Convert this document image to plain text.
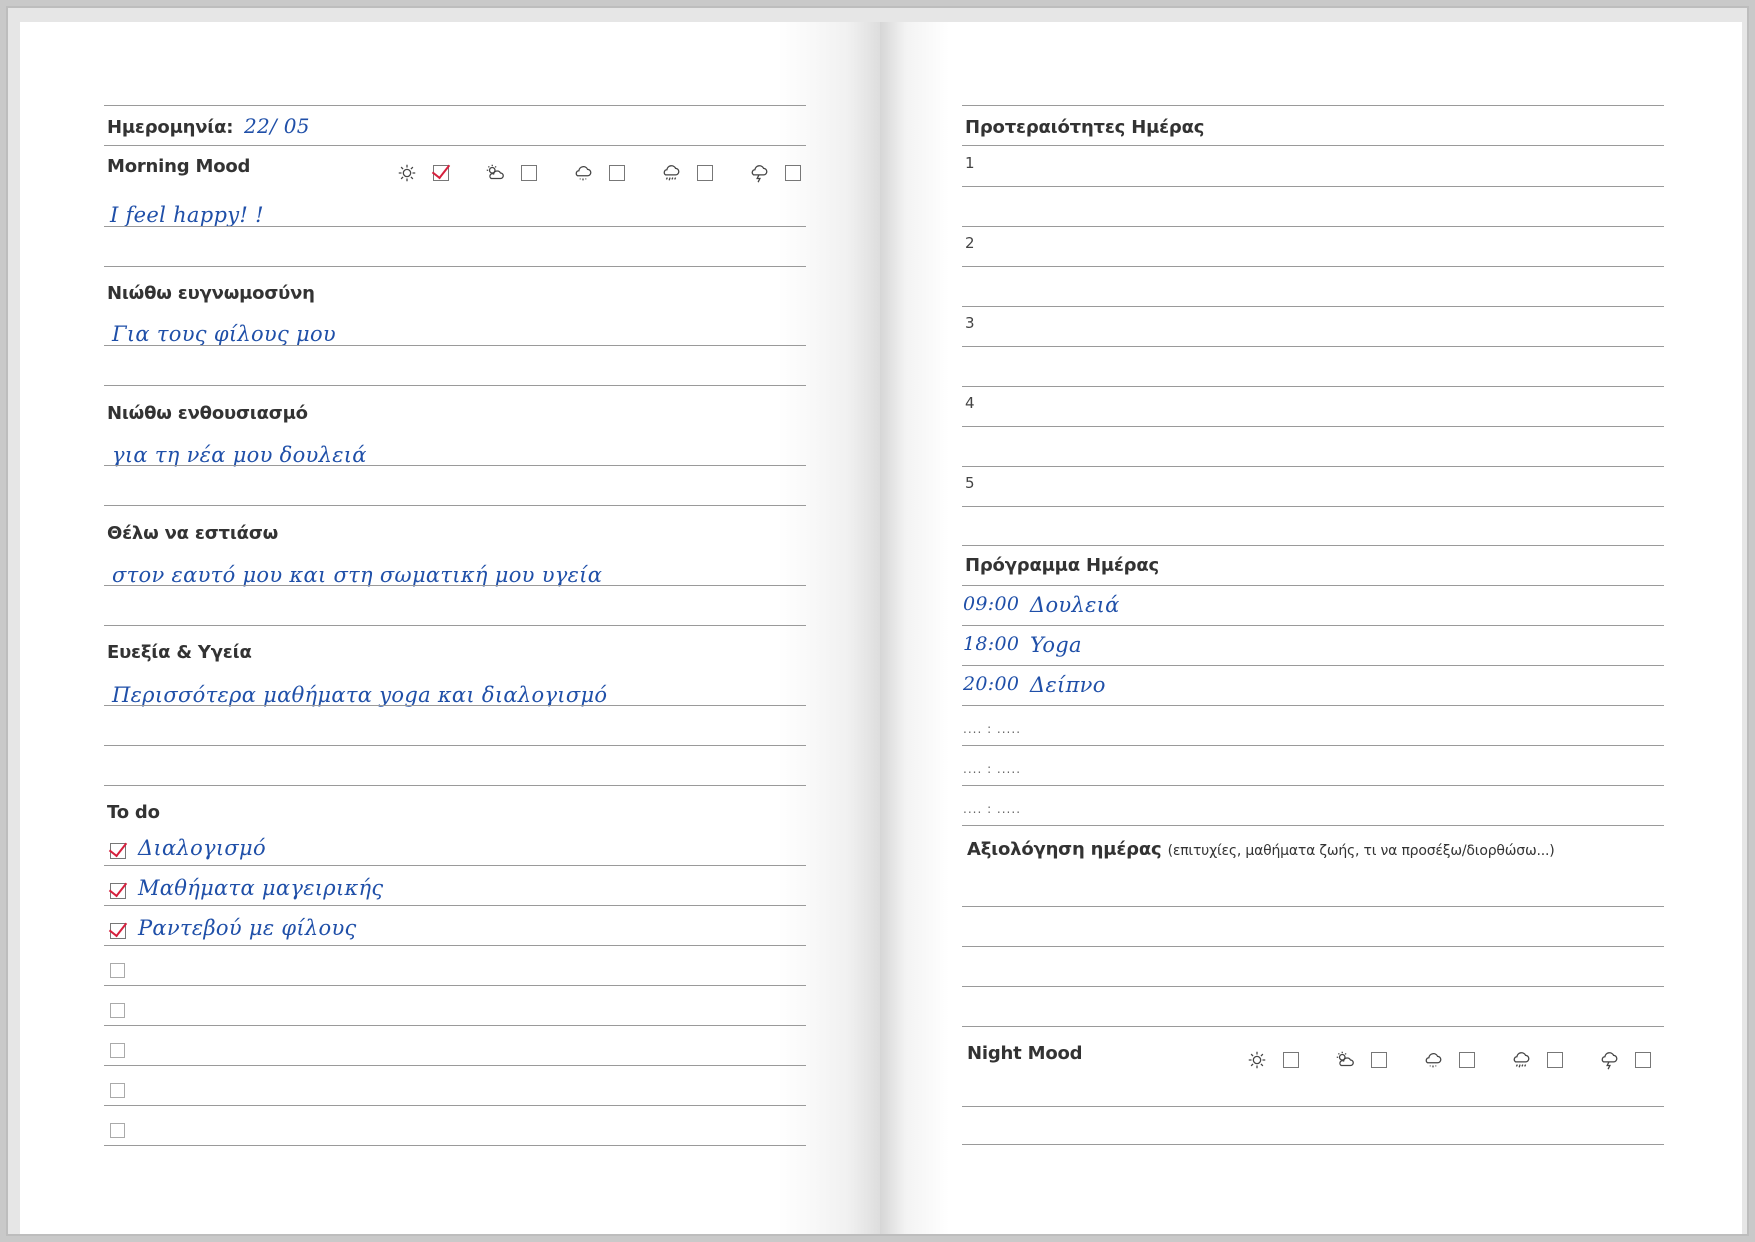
Ημερομηνία: 22/ 05
Morning Mood
I feel happy! !
Νιώθω ευγνωμοσύνη
Για τους φίλους μου
Νιώθω ενθουσιασμό
για τη νέα μου δουλειά
Θέλω να εστιάσω
στον εαυτό μου και στη σωματική μου υγεία
Ευεξία & Υγεία
Περισσότερα μαθήματα yoga και διαλογισμό
To do
Διαλογισμό
Μαθήματα μαγειρικής
Ραντεβού με φίλους
Προτεραιότητες Ημέρας
1
2
3
4
5
Πρόγραμμα Ημέρας
09:00 Δουλειά
18:00 Yoga
20:00 Δείπνο
.... : .....
.... : .....
.... : .....
Αξιολόγηση ημέρας (επιτυχίες, μαθήματα ζωής, τι να προσέξω/διορθώσω...)
Night Mood
